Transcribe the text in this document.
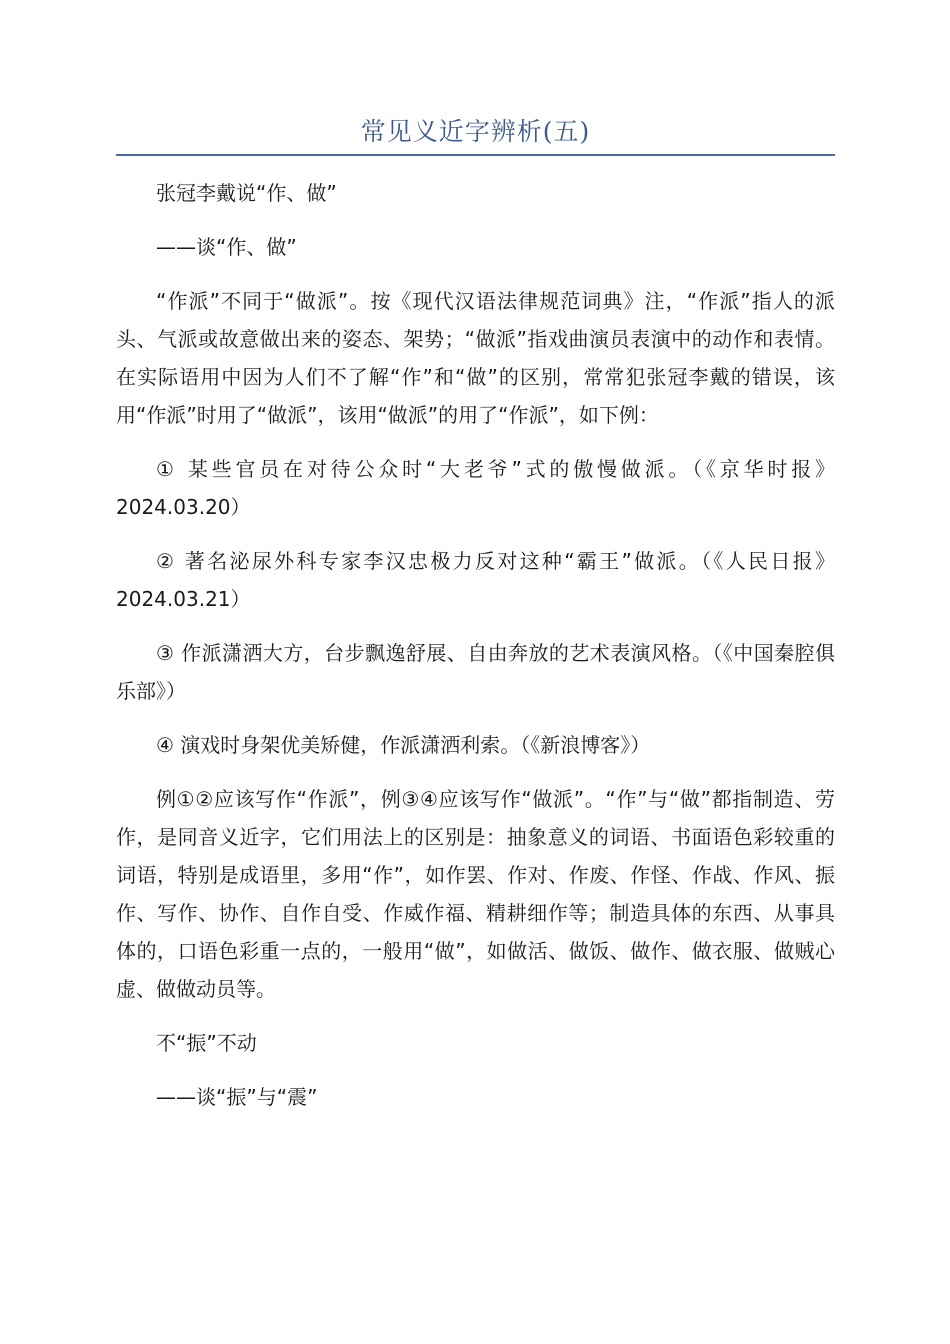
常见义近字辨析(五)

张冠李戴说“作、做”

——谈“作、做”

“作派”不同于“做派”。按《现代汉语法律规范词典》注，“作派”指人的派头、气派或故意做出来的姿态、架势；“做派”指戏曲演员表演中的动作和表情。在实际语用中因为人们不了解“作”和“做”的区别，常常犯张冠李戴的错误，该用“作派”时用了“做派”，该用“做派”的用了“作派”，如下例：

① 某些官员在对待公众时“大老爷”式的傲慢做派。（《京华时报》2024.03.20）

② 著名泌尿外科专家李汉忠极力反对这种“霸王”做派。（《人民日报》2024.03.21）

③ 作派潇洒大方，台步飘逸舒展、自由奔放的艺术表演风格。（《中国秦腔俱乐部》）

④ 演戏时身架优美矫健，作派潇洒利索。（《新浪博客》）

例①②应该写作“作派”，例③④应该写作“做派”。“作”与“做”都指制造、劳作，是同音义近字，它们用法上的区别是：抽象意义的词语、书面语色彩较重的词语，特别是成语里，多用“作”，如作罢、作对、作废、作怪、作战、作风、振作、写作、协作、自作自受、作威作福、精耕细作等；制造具体的东西、从事具体的，口语色彩重一点的，一般用“做”，如做活、做饭、做作、做衣服、做贼心虚、做做动员等。

不“振”不动

——谈“振”与“震”
